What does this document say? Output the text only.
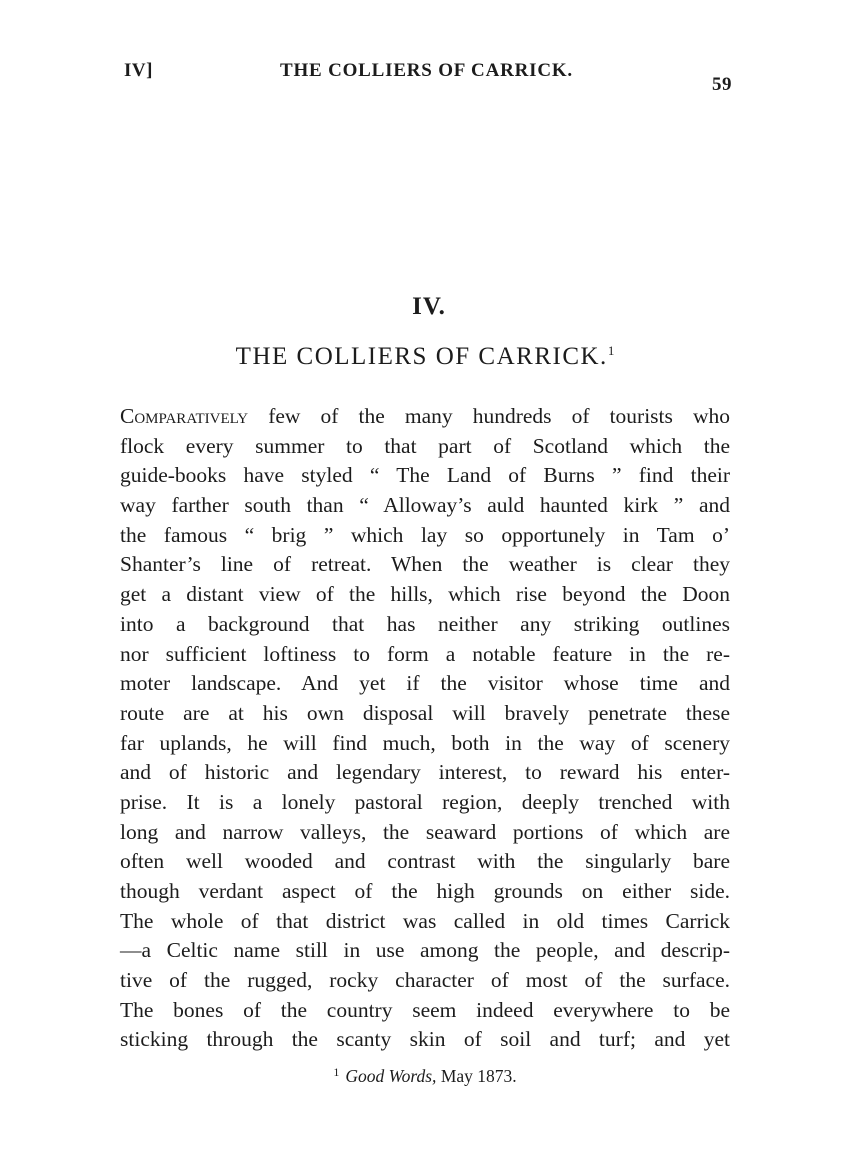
IV]	THE COLLIERS OF CARRICK.
59
IV.
THE COLLIERS OF CARRICK.$^1$
Comparatively few of the many hundreds of tourists who
flock every summer to that part of Scotland which the
guide-books have styled “ The Land of Burns ” find their
way farther south than “ Alloway’s auld haunted kirk ” and
the famous “ brig ” which lay so opportunely in Tam o’
Shanter’s line of retreat. When the weather is clear they
get a distant view of the hills, which rise beyond the Doon
into a background that has neither any striking outlines
nor sufficient loftiness to form a notable feature in the re-
moter landscape. And yet if the visitor whose time and
route are at his own disposal will bravely penetrate these
far uplands, he will find much, both in the way of scenery
and of historic and legendary interest, to reward his enter-
prise. It is a lonely pastoral region, deeply trenched with
long and narrow valleys, the seaward portions of which are
often well wooded and contrast with the singularly bare
though verdant aspect of the high grounds on either side.
The whole of that district was called in old times Carrick
—a Celtic name still in use among the people, and descrip-
tive of the rugged, rocky character of most of the surface.
The bones of the country seem indeed everywhere to be
sticking through the scanty skin of soil and turf; and yet
$^1$ Good Words, May 1873.
